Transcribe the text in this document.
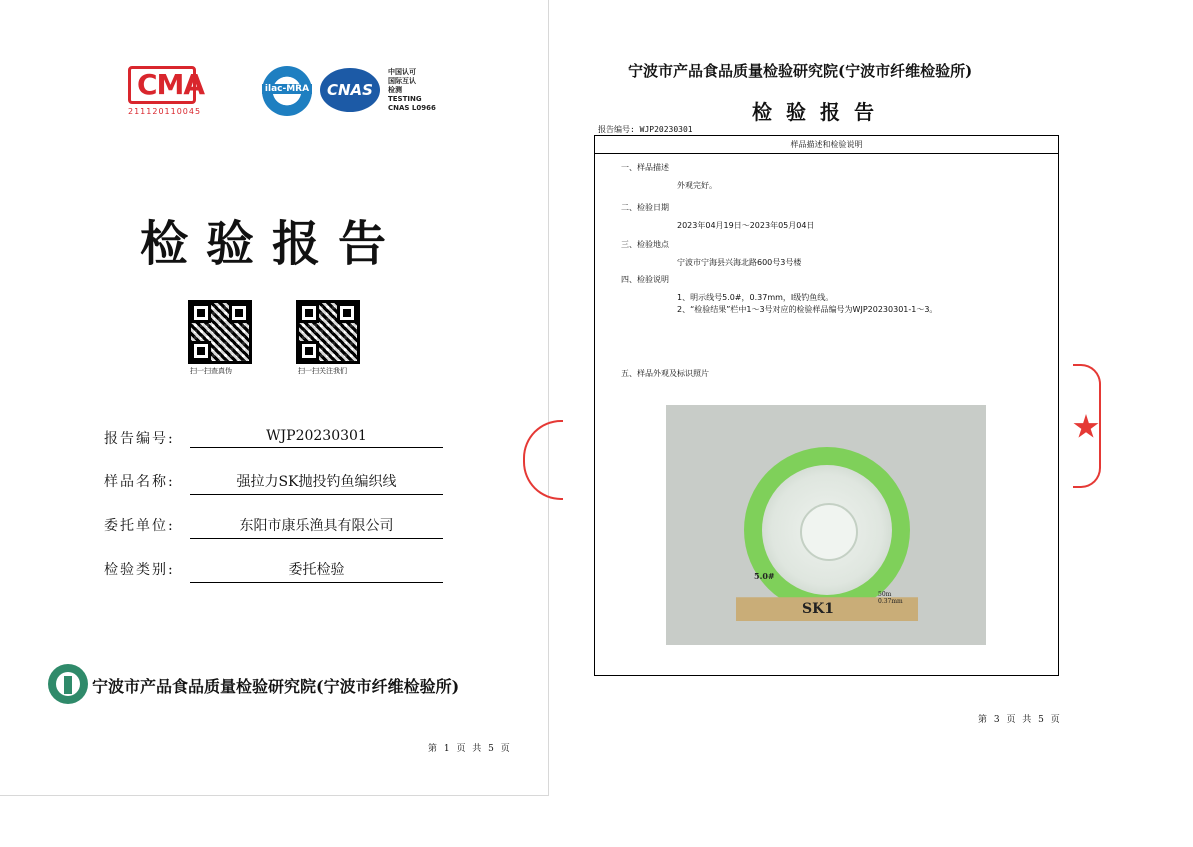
CMA
211120110045
ilac-MRA	CNAS
中国认可
国际互认
检测
TESTING
CNAS L0966
检验报告
扫一扫查真伪	扫一扫关注我们
报告编号:	WJP20230301
样品名称:	强拉力SK抛投钓鱼编织线
委托单位:	东阳市康乐渔具有限公司
检验类别:	委托检验
宁波市产品食品质量检验研究院(宁波市纤维检验所)
第 1 页 共 5 页
宁波市产品食品质量检验研究院(宁波市纤维检验所)
检验报告
报告编号: WJP20230301
样品描述和检验说明
一、样品描述
外观完好。
二、检验日期
2023年04月19日～2023年05月04日
三、检验地点
宁波市宁海县兴海北路600号3号楼
四、检验说明
1、明示线号5.0#，0.37mm，I级钓鱼线。
2、“检验结果”栏中1～3号对应的检验样品编号为WJP20230301-1～3。
五、样品外观及标识照片
5.0#
50m
0.37mm
SK1
第 3 页 共 5 页
